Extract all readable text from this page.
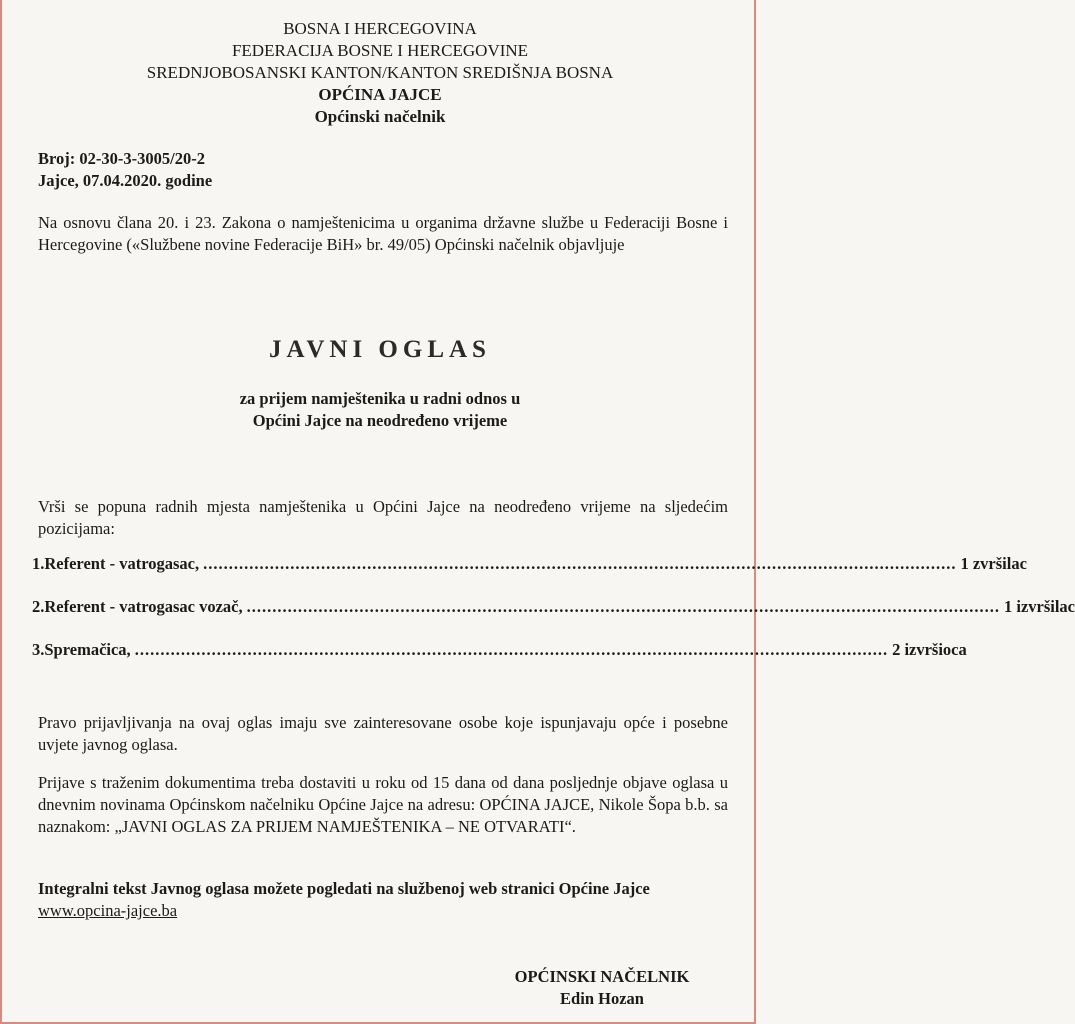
BOSNA I HERCEGOVINA
FEDERACIJA BOSNE I HERCEGOVINE
SREDNJOBOSANSKI KANTON/KANTON SREDIŠNJA BOSNA
OPĆINA JAJCE
Općinski načelnik
Broj: 02-30-3-3005/20-2
Jajce, 07.04.2020. godine
Na osnovu člana 20. i 23. Zakona o namještenicima u organima državne službe u Federaciji Bosne i Hercegovine («Službene novine Federacije BiH» br. 49/05) Općinski načelnik objavljuje
JAVNI OGLAS
za prijem namještenika u radni odnos u
Općini Jajce na neodređeno vrijeme
Vrši se popuna radnih mjesta namještenika u Općini Jajce na neodređeno vrijeme na sljedećim pozicijama:
1. Referent - vatrogasac, ................................................................................................................................................... 1 zvršilac
2. Referent - vatrogasac vozač, ................................................................................................................................................... 1 izvršilac
3. Spremačica, ................................................................................................................................................... 2 izvršioca
Pravo prijavljivanja na ovaj oglas imaju sve zainteresovane osobe koje ispunjavaju opće i posebne uvjete javnog oglasa.
Prijave s traženim dokumentima treba dostaviti u roku od 15 dana od dana posljednje objave oglasa u dnevnim novinama Općinskom načelniku Općine Jajce na adresu: OPĆINA JAJCE, Nikole Šopa b.b. sa naznakom: „JAVNI OGLAS ZA PRIJEM NAMJEŠTENIKA – NE OTVARATI“.
Integralni tekst Javnog oglasa možete pogledati na službenoj web stranici Općine Jajce
www.opcina-jajce.ba
OPĆINSKI NAČELNIK
Edin Hozan
